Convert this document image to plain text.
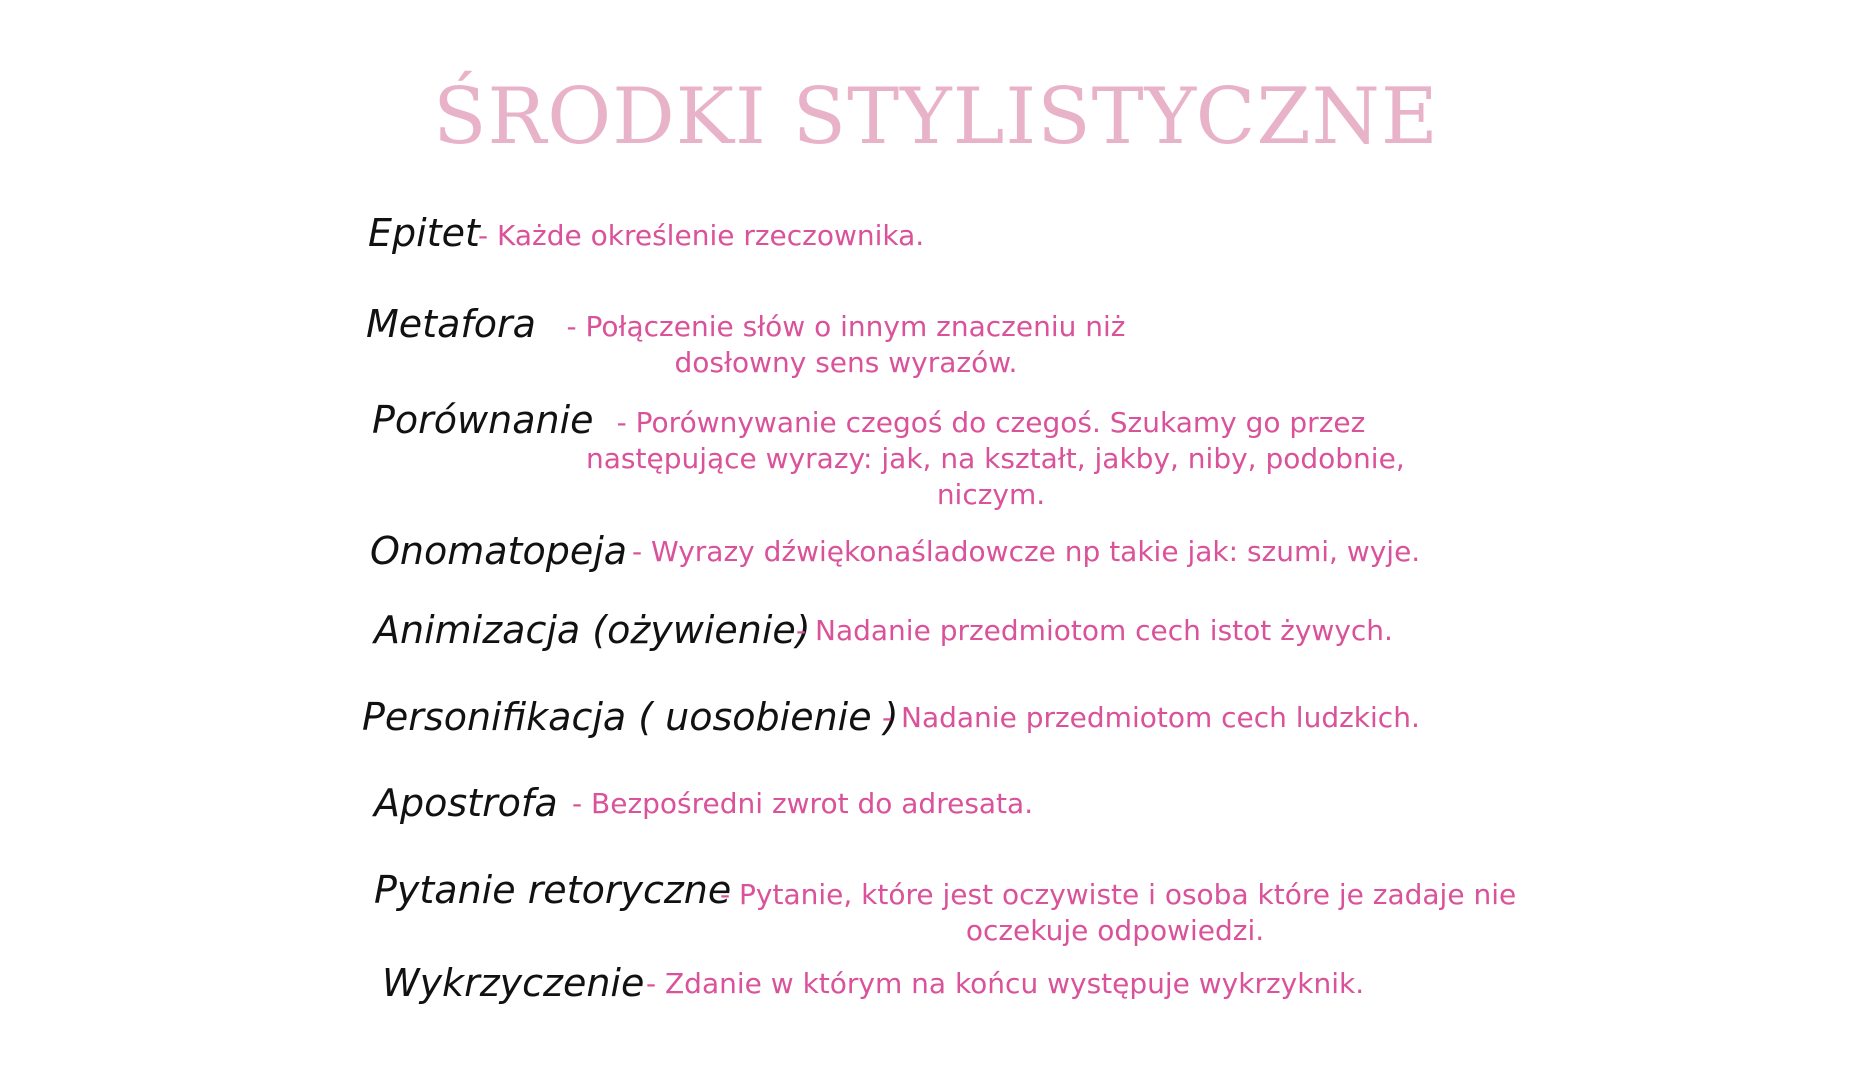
ŚRODKI STYLISTYCZNE
Epitet
- Każde określenie rzeczownika.
Metafora - Połączenie słów o innym znaczeniu niż
dosłowny sens wyrazów.
Porównanie - Porównywanie czegoś do czegoś. Szukamy go przez
następujące wyrazy: jak, na kształt, jakby, niby, podobnie,
niczym.
Onomatopeja - Wyrazy dźwiękonaśladowcze np takie jak: szumi, wyje.
Animizacja (ożywienie)
- Nadanie przedmiotom cech istot żywych.
Personifikacja ( uosobienie )
- Nadanie przedmiotom cech ludzkich.
Apostrofa - Bezpośredni zwrot do adresata.
Pytanie retoryczne
- Pytanie, które jest oczywiste i osoba które je zadaje nie
oczekuje odpowiedzi.
Wykrzyczenie - Zdanie w którym na końcu występuje wykrzyknik.
